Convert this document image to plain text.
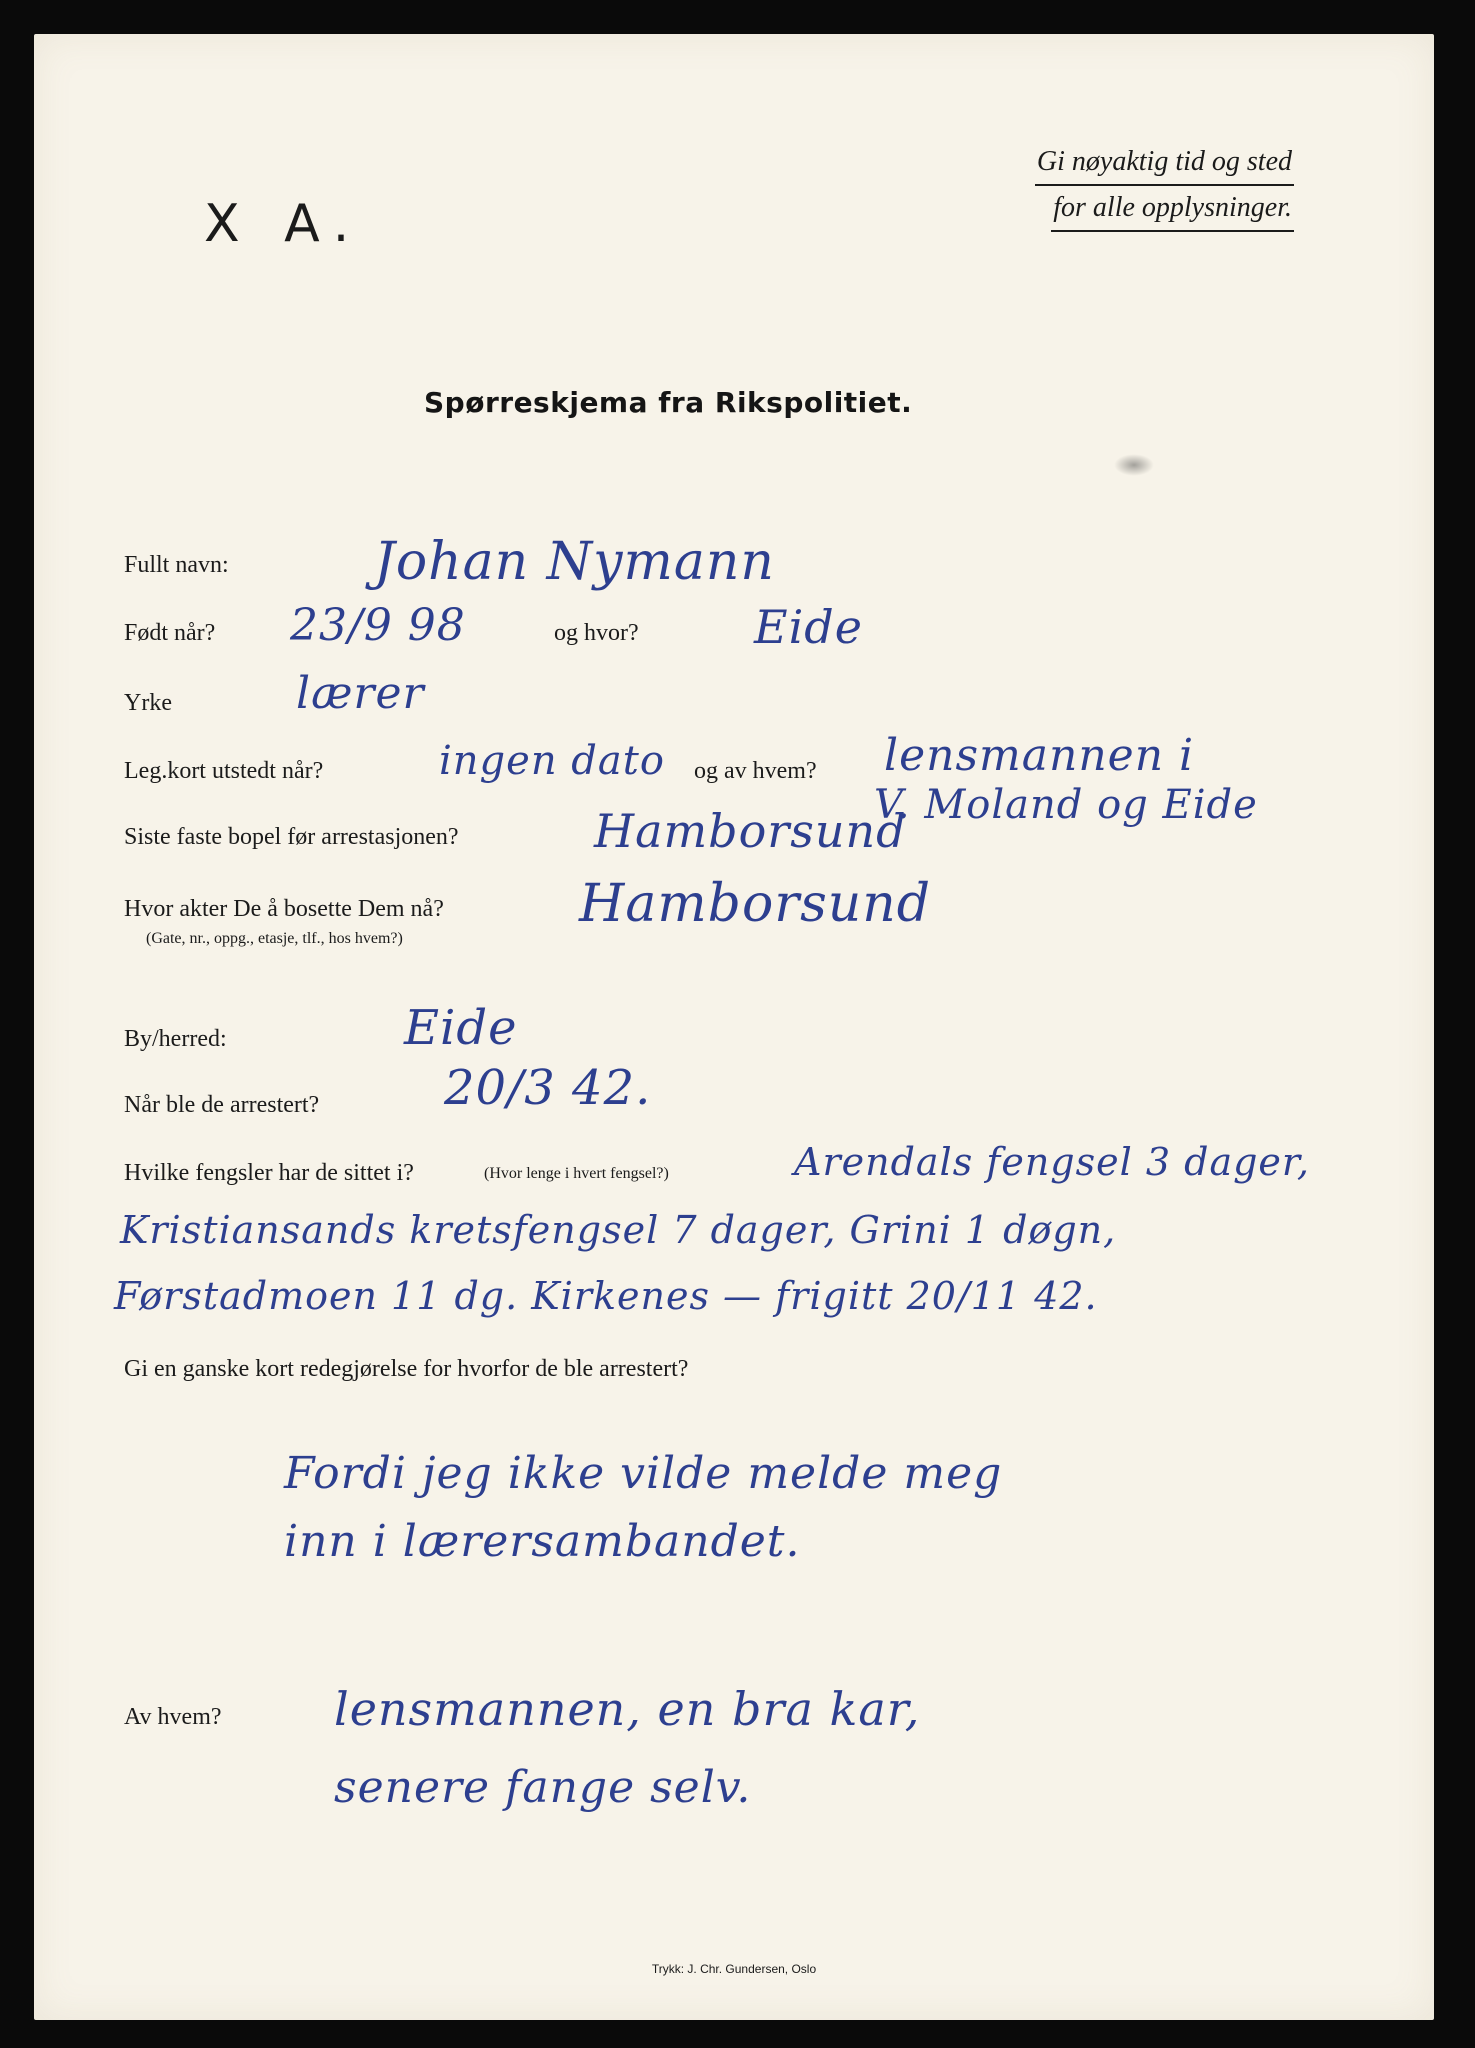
X A.
Gi nøyaktig tid og sted
for alle opplysninger.
Spørreskjema fra Rikspolitiet.
Fullt navn:	Johan Nymann
Født når? 23/9 98	og hvor?	Eide
Yrke	lærer
Leg.kort utstedt når?	ingen dato og av hvem? lensmannen i
V. Moland og Eide
Siste faste bopel før arrestasjonen?	Hamborsund
Hvor akter De å bosette Dem nå?
(Gate, nr., oppg., etasje, tlf., hos hvem?)
Hamborsund
By/herred:	Eide
Når ble de arrestert?	20/3 42.
Hvilke fengsler har de sittet i?	(Hvor lenge i hvert fengsel?)	Arendals fengsel 3 dager,
Kristiansands kretsfengsel 7 dager, Grini 1 døgn,
Førstadmoen 11 dg. Kirkenes — frigitt 20/11 42.
Gi en ganske kort redegjørelse for hvorfor de ble arrestert?
Fordi jeg ikke vilde melde meg
inn i lærersambandet.
Av hvem? lensmannen, en bra kar,
senere fange selv.
Trykk: J. Chr. Gundersen, Oslo
